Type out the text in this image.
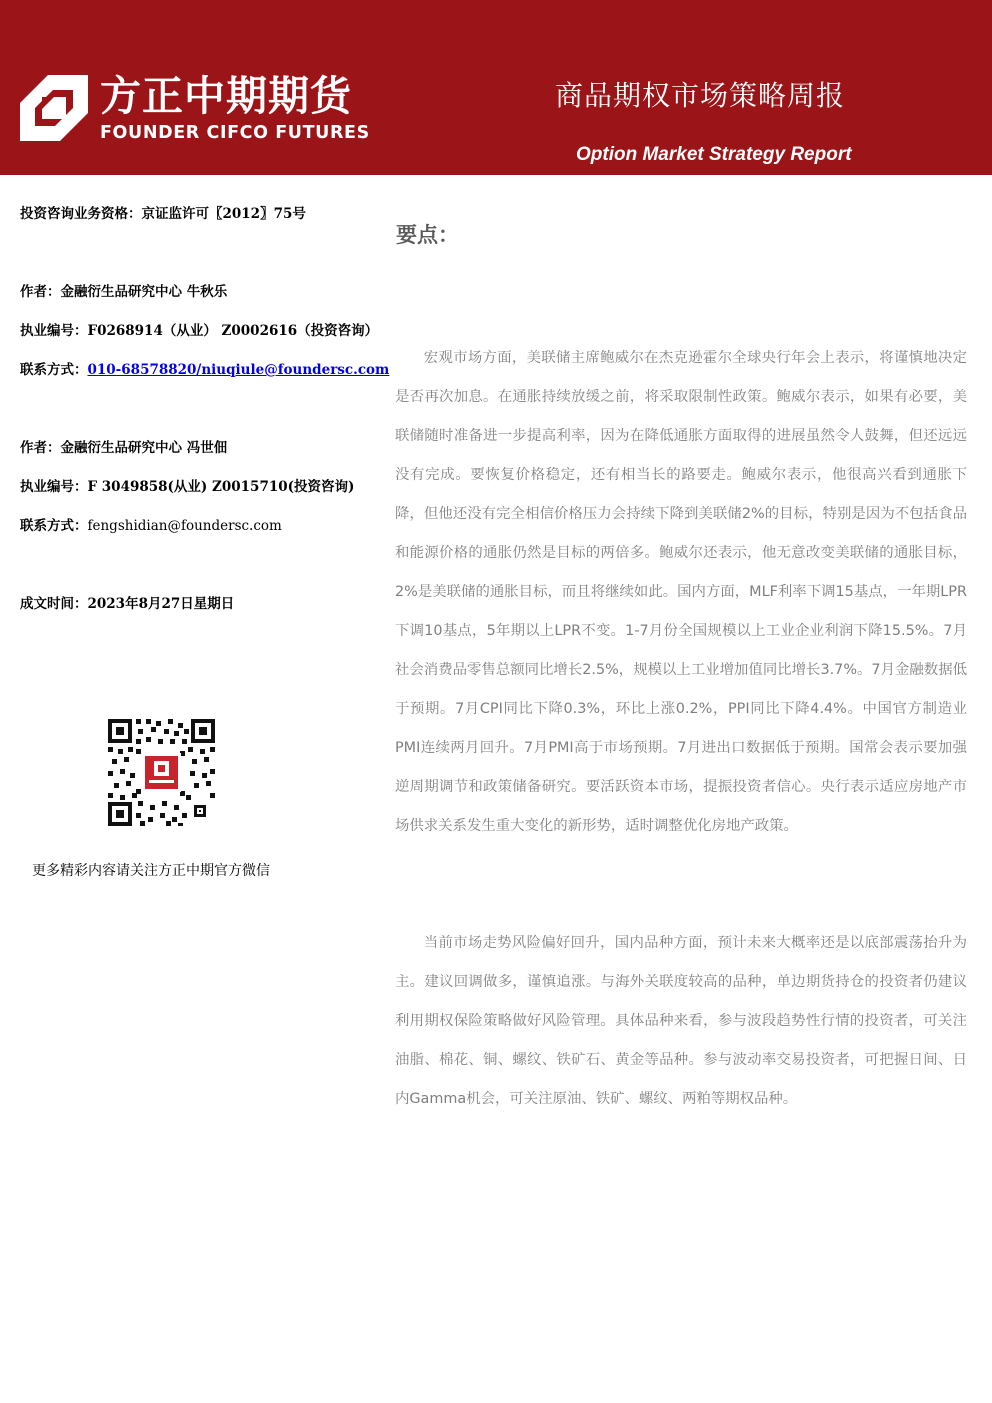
方正中期期货
FOUNDER CIFCO FUTURES
商品期权市场策略周报
Option Market Strategy Report
投资咨询业务资格：京证监许可〖2012〗75号
作者：金融衍生品研究中心 牛秋乐
执业编号：F0268914（从业） Z0002616（投资咨询）
联系方式：010-68578820/niuqiule@foundersc.com
作者：金融衍生品研究中心 冯世佃
执业编号：F 3049858(从业) Z0015710(投资咨询)
联系方式：fengshidian@foundersc.com
成文时间：2023年8月27日星期日
更多精彩内容请关注方正中期官方微信
要点：

宏观市场方面，美联储主席鲍威尔在杰克逊霍尔全球央行年会上表示，将谨慎地决定是否再次加息。在通胀持续放缓之前，将采取限制性政策。鲍威尔表示，如果有必要，美联储随时准备进一步提高利率，因为在降低通胀方面取得的进展虽然令人鼓舞，但还远远没有完成。要恢复价格稳定，还有相当长的路要走。鲍威尔表示，他很高兴看到通胀下降，但他还没有完全相信价格压力会持续下降到美联储2%的目标，特别是因为不包括食品和能源价格的通胀仍然是目标的两倍多。鲍威尔还表示，他无意改变美联储的通胀目标，2%是美联储的通胀目标，而且将继续如此。国内方面，MLF利率下调15基点，一年期LPR下调10基点，5年期以上LPR不变。1-7月份全国规模以上工业企业利润下降15.5%。7月社会消费品零售总额同比增长2.5%，规模以上工业增加值同比增长3.7%。7月金融数据低于预期。7月CPI同比下降0.3%，环比上涨0.2%，PPI同比下降4.4%。中国官方制造业PMI连续两月回升。7月PMI高于市场预期。7月进出口数据低于预期。国常会表示要加强逆周期调节和政策储备研究。要活跃资本市场，提振投资者信心。央行表示适应房地产市场供求关系发生重大变化的新形势，适时调整优化房地产政策。

当前市场走势风险偏好回升，国内品种方面，预计未来大概率还是以底部震荡抬升为主。建议回调做多，谨慎追涨。与海外关联度较高的品种，单边期货持仓的投资者仍建议利用期权保险策略做好风险管理。具体品种来看，参与波段趋势性行情的投资者，可关注油脂、棉花、铜、螺纹、铁矿石、黄金等品种。参与波动率交易投资者，可把握日间、日内Gamma机会，可关注原油、铁矿、螺纹、两粕等期权品种。
